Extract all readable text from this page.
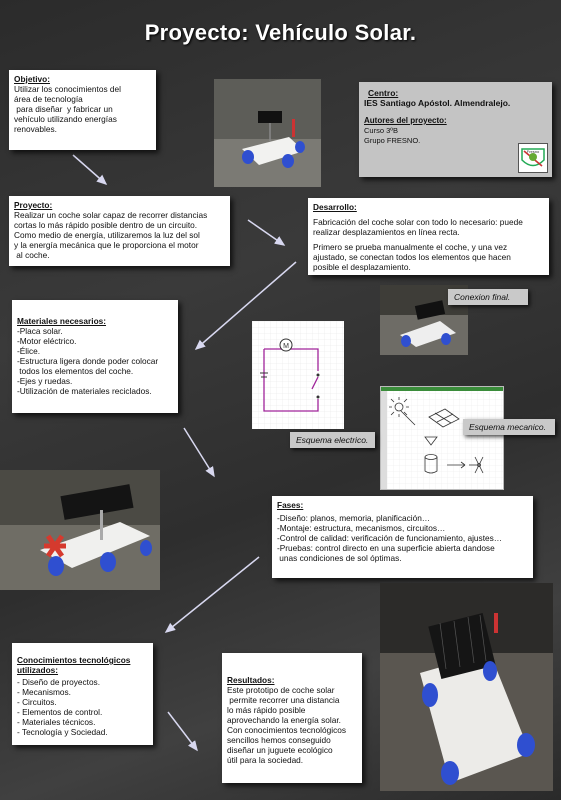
Proyecto: Vehículo Solar.
Objetivo:
Utilizar los conocimientos del
área de tecnología
para diseñar  y fabricar un
vehículo utilizando energías
renovables.
Centro:
IES Santiago Apóstol. Almendralejo.
Autores del proyecto:
Curso 3ºB
Grupo FRESNO.
Fresno
Proyecto:
Realizar un coche solar capaz de recorrer distancias
cortas lo más rápido posible dentro de un circuito.
Como medio de energía, utilizaremos la luz del sol
y la energía mecánica que le proporciona el motor
al coche.
Desarrollo:
Fabricación del coche solar con todo lo necesario: puede
realizar desplazamientos en línea recta.
Primero se prueba manualmente el coche, y una vez
ajustado, se conectan todos los elementos que hacen
posible el desplazamiento.
Conexion final.
Materiales necesarios:
-Placa solar.
-Motor eléctrico.
-Élice.
-Estructura ligera donde poder colocar
todos los elementos del coche.
-Ejes y ruedas.
-Utilización de materiales reciclados.
M
Esquema electrico.
Esquema mecanico.
Fases:
-Diseño: planos, memoria, planificación…
-Montaje: estructura, mecanismos, circuitos…
-Control de calidad: verificación de funcionamiento, ajustes…
-Pruebas: control directo en una superficie abierta dandose
unas condiciones de sol óptimas.
Conocimientos tecnológicos utilizados:
- Diseño de proyectos.
- Mecanismos.
- Circuitos.
- Elementos de control.
- Materiales técnicos.
- Tecnología y Sociedad.
Resultados:
Este prototipo de coche solar
permite recorrer una distancia
lo más rápido posible
aprovechando la energía solar.
Con conocimientos tecnológicos
sencillos hemos conseguido
diseñar un juguete ecológico
útil para la sociedad.
